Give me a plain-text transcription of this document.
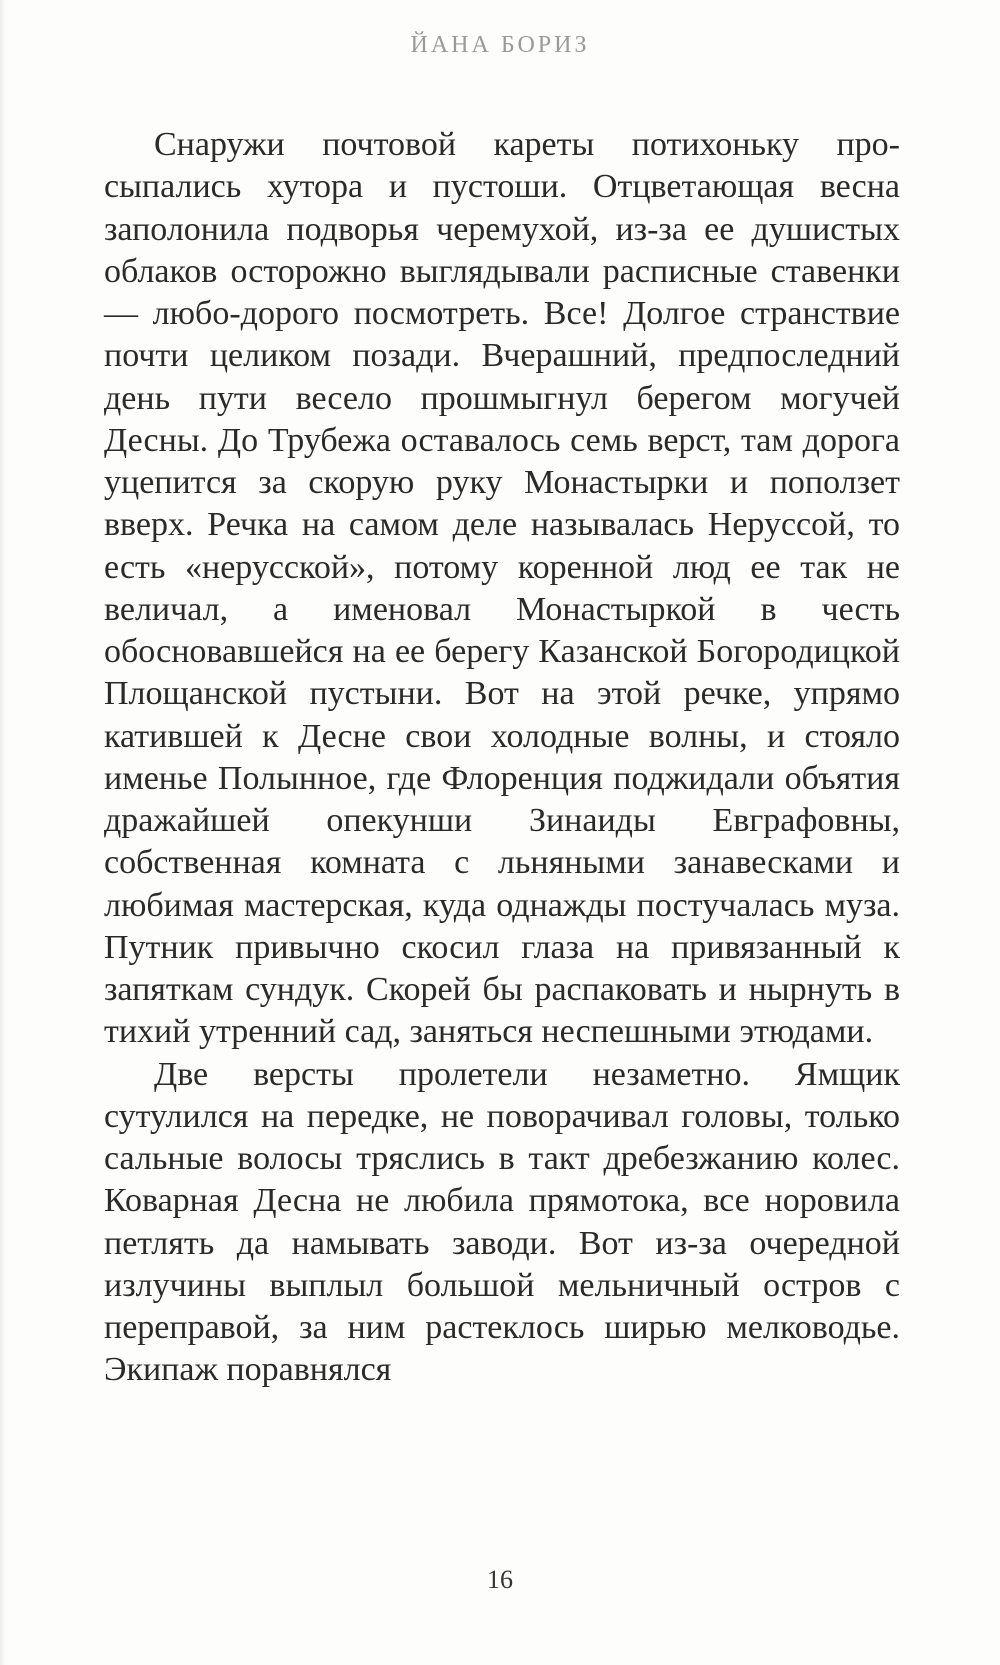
ЙАНА БОРИЗ

Снаружи почтовой кареты потихоньку просыпались хутора и пустоши. Отцветающая весна заполонила подворья черемухой, из-за ее душистых облаков осторожно выглядывали расписные ставенки — любо-дорого посмотреть. Все! Долгое странствие почти целиком позади. Вчерашний, предпоследний день пути весело прошмыгнул берегом могучей Десны. До Трубежа оставалось семь верст, там дорога уцепится за скорую руку Монастырки и поползет вверх. Речка на самом деле называлась Неруссой, то есть «нерусской», потому коренной люд ее так не величал, а именовал Монастыркой в честь обосновавшейся на ее берегу Казанской Богородицкой Площанской пустыни. Вот на этой речке, упрямо катившей к Десне свои холодные волны, и стояло именье Полынное, где Флоренция поджидали объятия дражайшей опекунши Зинаиды Евграфовны, собственная комната с льняными занавесками и любимая мастерская, куда однажды постучалась муза. Путник привычно скосил глаза на привязанный к запяткам сундук. Скорей бы распаковать и нырнуть в тихий утренний сад, заняться неспешными этюдами.

Две версты пролетели незаметно. Ямщик сутулился на передке, не поворачивал головы, только сальные волосы тряслись в такт дребезжанию колес. Коварная Десна не любила прямотока, все норовила петлять да намывать заводи. Вот из-за очередной излучины выплыл большой мельничный остров с переправой, за ним растеклось ширью мелководье. Экипаж поравнялся

16
